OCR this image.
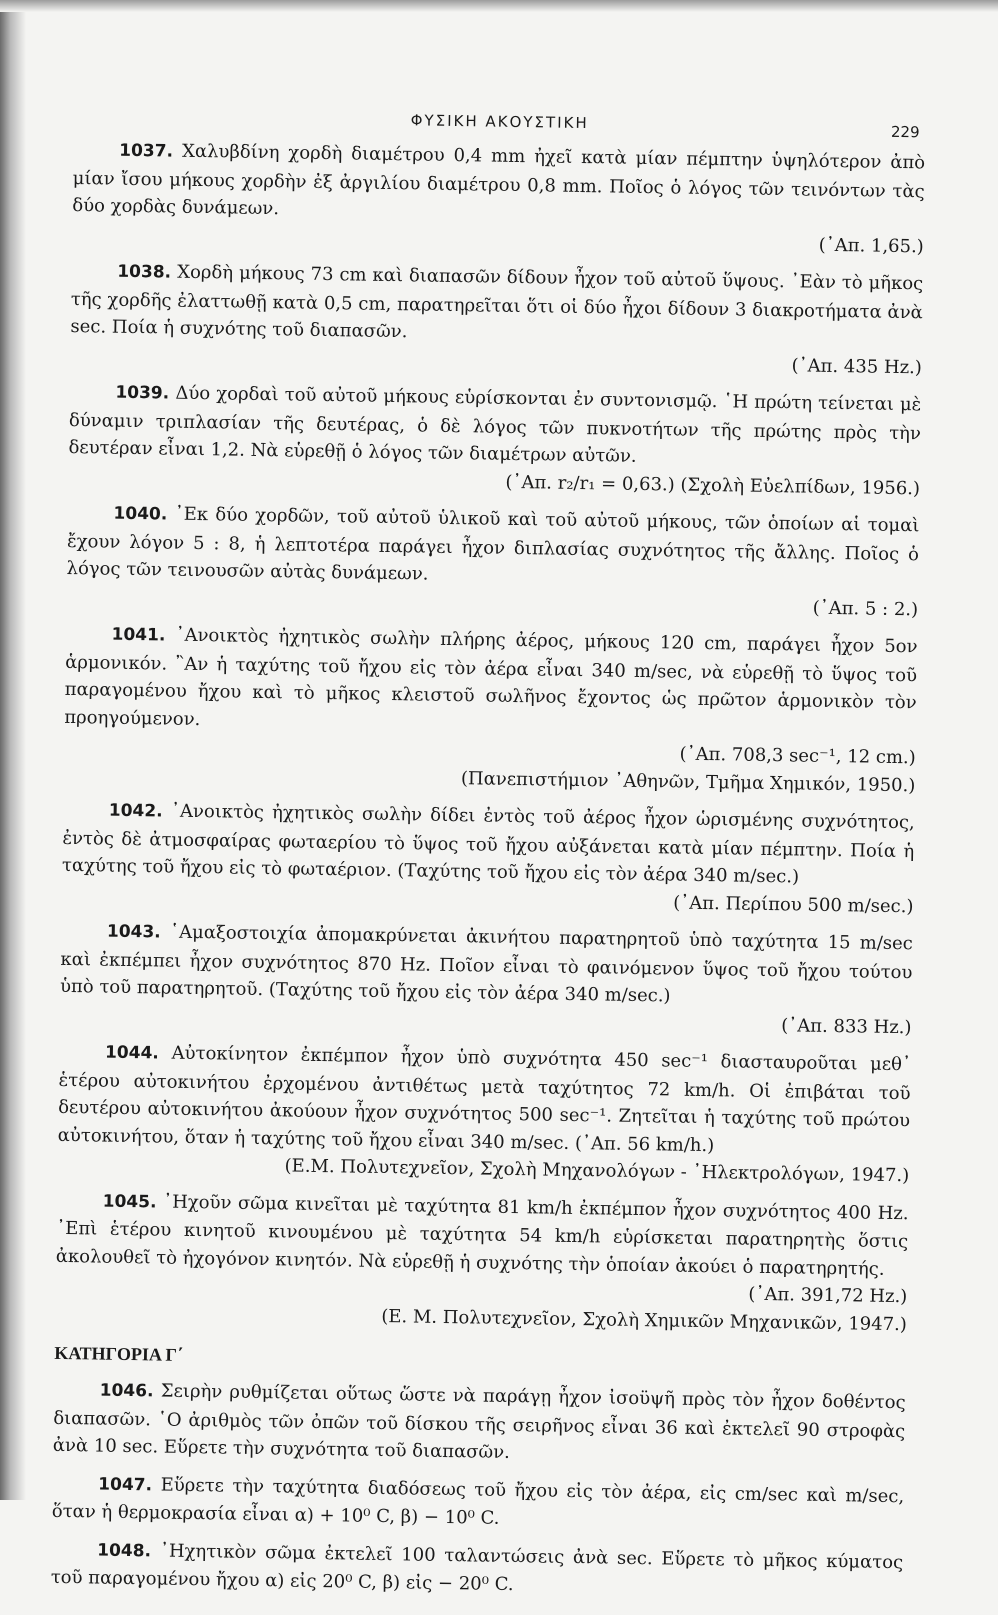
ΦΥΣΙΚΗ ΑΚΟΥΣΤΙΚΗ	229
1037. Χαλυβδίνη χορδὴ διαμέτρου 0,4 mm ἠχεῖ κατὰ μίαν πέμπτην ὑψηλότερον ἀπὸ μίαν ἴσου μήκους χορδὴν ἐξ ἀργιλίου διαμέτρου 0,8 mm. Ποῖος ὁ λόγος τῶν τεινόντων τὰς δύο χορδὰς δυνάμεων.
(᾿Απ. 1,65.)
1038. Χορδὴ μήκους 73 cm καὶ διαπασῶν δίδουν ἦχον τοῦ αὐτοῦ ὕψους. ᾿Εὰν τὸ μῆκος τῆς χορδῆς ἐλαττωθῇ κατὰ 0,5 cm, παρατηρεῖται ὅτι οἱ δύο ἦχοι δίδουν 3 διακροτήματα ἀνὰ sec. Ποία ἡ συχνότης τοῦ διαπασῶν.
(᾿Απ. 435 Hz.)
1039. Δύο χορδαὶ τοῦ αὐτοῦ μήκους εὑρίσκονται ἐν συντονισμῷ. ῾Η πρώτη τείνεται μὲ δύναμιν τριπλασίαν τῆς δευτέρας, ὁ δὲ λόγος τῶν πυκνοτήτων τῆς πρώτης πρὸς τὴν δευτέραν εἶναι 1,2. Νὰ εὑρεθῇ ὁ λόγος τῶν διαμέτρων αὐτῶν.
(᾿Απ. r₂/r₁ = 0,63.) (Σχολὴ Εὐελπίδων, 1956.)
1040. ᾿Εκ δύο χορδῶν, τοῦ αὐτοῦ ὑλικοῦ καὶ τοῦ αὐτοῦ μήκους, τῶν ὁποίων αἱ τομαὶ ἔχουν λόγον 5 : 8, ἡ λεπτοτέρα παράγει ἦχον διπλασίας συχνότητος τῆς ἄλλης. Ποῖος ὁ λόγος τῶν τεινουσῶν αὐτὰς δυνάμεων.
(᾿Απ. 5 : 2.)
1041. ᾿Ανοικτὸς ἠχητικὸς σωλὴν πλήρης ἀέρος, μήκους 120 cm, παράγει ἦχον 5ον ἁρμονικόν. ῍Αν ἡ ταχύτης τοῦ ἤχου εἰς τὸν ἀέρα εἶναι 340 m/sec, νὰ εὑρεθῇ τὸ ὕψος τοῦ παραγομένου ἤχου καὶ τὸ μῆκος κλειστοῦ σωλῆνος ἔχοντος ὡς πρῶτον ἁρμονικὸν τὸν προηγούμενον.
(᾿Απ. 708,3 sec⁻¹, 12 cm.)
(Πανεπιστήμιον ᾿Αθηνῶν, Τμῆμα Χημικόν, 1950.)
1042. ᾿Ανοικτὸς ἠχητικὸς σωλὴν δίδει ἐντὸς τοῦ ἀέρος ἦχον ὡρισμένης συχνότητος, ἐντὸς δὲ ἀτμοσφαίρας φωταερίου τὸ ὕψος τοῦ ἤχου αὐξάνεται κατὰ μίαν πέμπτην. Ποία ἡ ταχύτης τοῦ ἤχου εἰς τὸ φωταέριον. (Ταχύτης τοῦ ἤχου εἰς τὸν ἀέρα 340 m/sec.)
(᾿Απ. Περίπου 500 m/sec.)
1043. ῾Αμαξοστοιχία ἀπομακρύνεται ἀκινήτου παρατηρητοῦ ὑπὸ ταχύτητα 15 m/sec καὶ ἐκπέμπει ἦχον συχνότητος 870 Hz. Ποῖον εἶναι τὸ φαινόμενον ὕψος τοῦ ἤχου τούτου ὑπὸ τοῦ παρατηρητοῦ. (Ταχύτης τοῦ ἤχου εἰς τὸν ἀέρα 340 m/sec.)
(᾿Απ. 833 Hz.)
1044. Αὐτοκίνητον ἐκπέμπον ἦχον ὑπὸ συχνότητα 450 sec⁻¹ διασταυροῦται μεθ᾿ ἑτέρου αὐτοκινήτου ἐρχομένου ἀντιθέτως μετὰ ταχύτητος 72 km/h. Οἱ ἐπιβάται τοῦ δευτέρου αὐτοκινήτου ἀκούουν ἦχον συχνότητος 500 sec⁻¹. Ζητεῖται ἡ ταχύτης τοῦ πρώτου αὐτοκινήτου, ὅταν ἡ ταχύτης τοῦ ἤχου εἶναι 340 m/sec. (᾿Απ. 56 km/h.)
(Ε.Μ. Πολυτεχνεῖον, Σχολὴ Μηχανολόγων - ᾿Ηλεκτρολόγων, 1947.)
1045. ᾿Ηχοῦν σῶμα κινεῖται μὲ ταχύτητα 81 km/h ἐκπέμπον ἦχον συχνότητος 400 Hz. ᾿Επὶ ἑτέρου κινητοῦ κινουμένου μὲ ταχύτητα 54 km/h εὑρίσκεται παρατηρητὴς ὅστις ἀκολουθεῖ τὸ ἠχογόνον κινητόν. Νὰ εὑρεθῇ ἡ συχνότης τὴν ὁποίαν ἀκούει ὁ παρατηρητής.
(᾿Απ. 391,72 Hz.)
(Ε. Μ. Πολυτεχνεῖον, Σχολὴ Χημικῶν Μηχανικῶν, 1947.)
ΚΑΤΗΓΟΡΙΑ Γ΄
1046. Σειρὴν ρυθμίζεται οὕτως ὥστε νὰ παράγῃ ἦχον ἰσοϋψῆ πρὸς τὸν ἦχον δοθέντος διαπασῶν. ῾Ο ἀριθμὸς τῶν ὀπῶν τοῦ δίσκου τῆς σειρῆνος εἶναι 36 καὶ ἐκτελεῖ 90 στροφὰς ἀνὰ 10 sec. Εὕρετε τὴν συχνότητα τοῦ διαπασῶν.
1047. Εὕρετε τὴν ταχύτητα διαδόσεως τοῦ ἤχου εἰς τὸν ἀέρα, εἰς cm/sec καὶ m/sec, ὅταν ἡ θερμοκρασία εἶναι α) + 10⁰ C, β) − 10⁰ C.
1048. ᾿Ηχητικὸν σῶμα ἐκτελεῖ 100 ταλαντώσεις ἀνὰ sec. Εὕρετε τὸ μῆκος κύματος τοῦ παραγομένου ἤχου α) εἰς 20⁰ C, β) εἰς − 20⁰ C.
